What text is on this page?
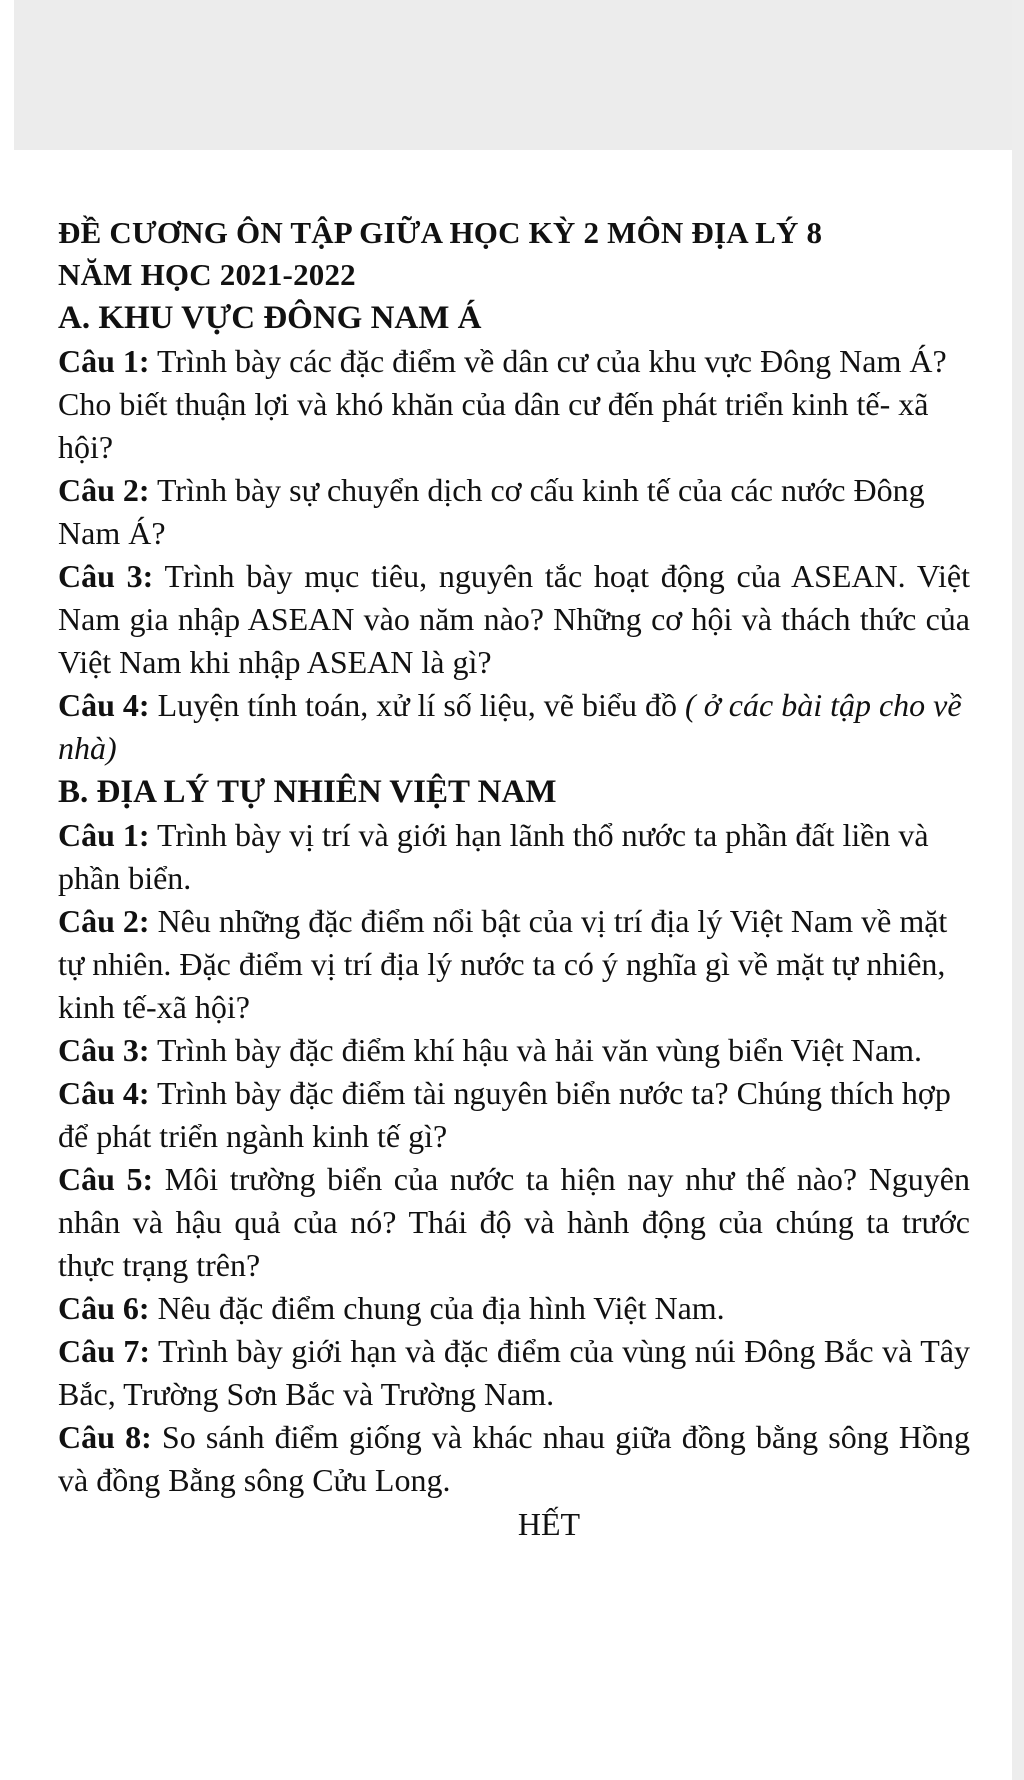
ĐỀ CƯƠNG ÔN TẬP GIỮA HỌC KỲ 2 MÔN ĐỊA LÝ 8

NĂM HỌC 2021-2022

A. KHU VỰC ĐÔNG NAM Á

Câu 1: Trình bày các đặc điểm về dân cư của khu vực Đông Nam Á? Cho biết thuận lợi và khó khăn của dân cư đến phát triển kinh tế- xã hội?

Câu 2: Trình bày sự chuyển dịch cơ cấu kinh tế của các nước Đông Nam Á?

Câu 3: Trình bày mục tiêu, nguyên tắc hoạt động của ASEAN. Việt Nam gia nhập ASEAN vào năm nào? Những cơ hội và thách thức của Việt Nam khi nhập ASEAN là gì?

Câu 4: Luyện tính toán, xử lí số liệu, vẽ biểu đồ ( ở các bài tập cho về nhà)

B. ĐỊA LÝ TỰ NHIÊN VIỆT NAM

Câu 1: Trình bày vị trí và giới hạn lãnh thổ nước ta phần đất liền và phần biển.

Câu 2: Nêu những đặc điểm nổi bật của vị trí địa lý Việt Nam về mặt tự nhiên. Đặc điểm vị trí địa lý nước ta có ý nghĩa gì về mặt tự nhiên, kinh tế-xã hội?

Câu 3: Trình bày đặc điểm khí hậu và hải văn vùng biển Việt Nam.

Câu 4: Trình bày đặc điểm tài nguyên biển nước ta? Chúng thích hợp để phát triển ngành kinh tế gì?

Câu 5: Môi trường biển của nước ta hiện nay như thế nào? Nguyên nhân và hậu quả của nó? Thái độ và hành động của chúng ta trước thực trạng trên?

Câu 6: Nêu đặc điểm chung của địa hình Việt Nam.

Câu 7: Trình bày giới hạn và đặc điểm của vùng núi Đông Bắc và Tây Bắc, Trường Sơn Bắc và Trường Nam.

Câu 8: So sánh điểm giống và khác nhau giữa đồng bằng sông Hồng và đồng Bằng sông Cửu Long.

HẾT
